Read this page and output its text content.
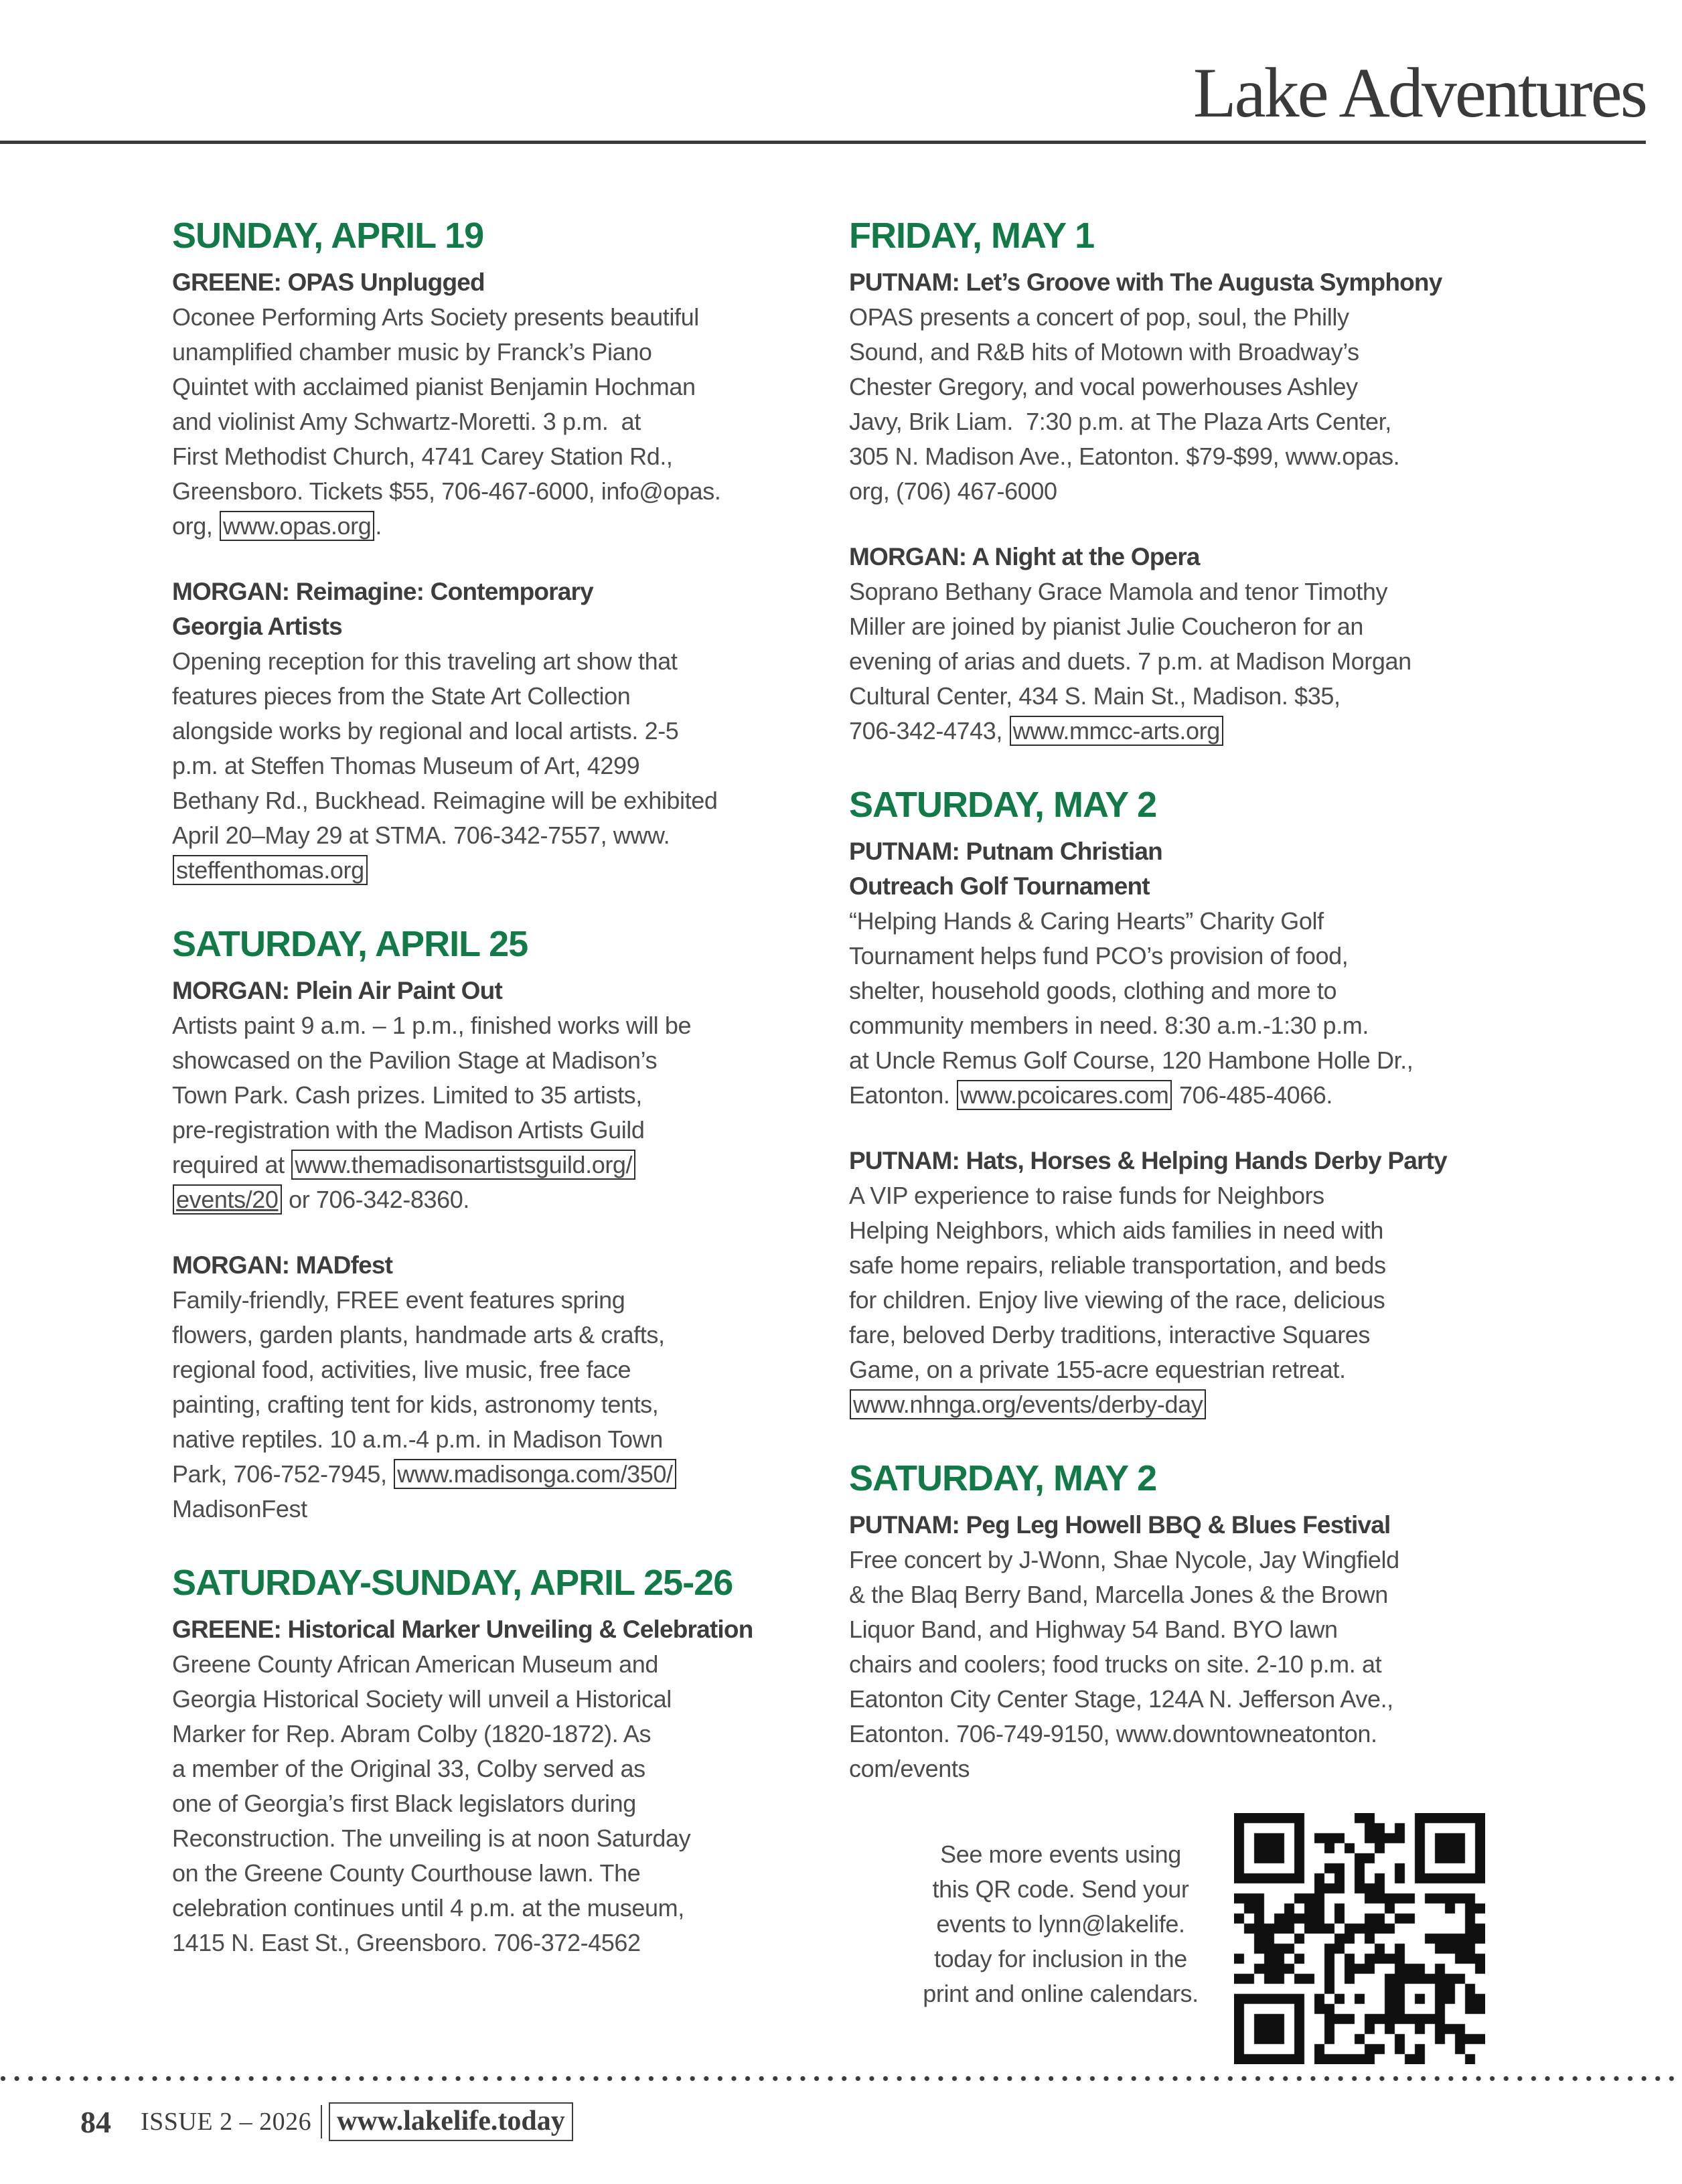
Lake Adventures
SUNDAY, APRIL 19
GREENE: OPAS Unplugged
Oconee Performing Arts Society presents beautiful
unamplified chamber music by Franck’s Piano
Quintet with acclaimed pianist Benjamin Hochman
and violinist Amy Schwartz-Moretti. 3 p.m.  at
First Methodist Church, 4741 Carey Station Rd.,
Greensboro. Tickets $55, 706-467-6000, info@opas.
org, www.opas.org .
MORGAN: Reimagine: Contemporary
Georgia Artists
Opening reception for this traveling art show that
features pieces from the State Art Collection
alongside works by regional and local artists. 2-5
p.m. at Steffen Thomas Museum of Art, 4299
Bethany Rd., Buckhead. Reimagine will be exhibited
April 20–May 29 at STMA. 706-342-7557, www.
steffenthomas.org
SATURDAY, APRIL 25
MORGAN: Plein Air Paint Out
Artists paint 9 a.m. – 1 p.m., finished works will be
showcased on the Pavilion Stage at Madison’s
Town Park. Cash prizes. Limited to 35 artists,
pre-registration with the Madison Artists Guild
required at www.themadisonartistsguild.org/
events/20 or 706-342-8360.
MORGAN: MADfest
Family-friendly, FREE event features spring
flowers, garden plants, handmade arts & crafts,
regional food, activities, live music, free face
painting, crafting tent for kids, astronomy tents,
native reptiles. 10 a.m.-4 p.m. in Madison Town
Park, 706-752-7945, www.madisonga.com/350/
MadisonFest
SATURDAY-SUNDAY, APRIL 25-26
GREENE: Historical Marker Unveiling & Celebration
Greene County African American Museum and
Georgia Historical Society will unveil a Historical
Marker for Rep. Abram Colby (1820-1872). As
a member of the Original 33, Colby served as
one of Georgia’s first Black legislators during
Reconstruction. The unveiling is at noon Saturday
on the Greene County Courthouse lawn. The
celebration continues until 4 p.m. at the museum,
1415 N. East St., Greensboro. 706-372-4562
FRIDAY, MAY 1
PUTNAM: Let’s Groove with The Augusta Symphony
OPAS presents a concert of pop, soul, the Philly
Sound, and R&B hits of Motown with Broadway’s
Chester Gregory, and vocal powerhouses Ashley
Javy, Brik Liam.  7:30 p.m. at The Plaza Arts Center,
305 N. Madison Ave., Eatonton. $79-$99, www.opas.
org, (706) 467-6000
MORGAN: A Night at the Opera
Soprano Bethany Grace Mamola and tenor Timothy
Miller are joined by pianist Julie Coucheron for an
evening of arias and duets. 7 p.m. at Madison Morgan
Cultural Center, 434 S. Main St., Madison. $35,
706-342-4743, www.mmcc-arts.org
SATURDAY, MAY 2
PUTNAM: Putnam Christian
Outreach Golf Tournament
“Helping Hands & Caring Hearts” Charity Golf
Tournament helps fund PCO’s provision of food,
shelter, household goods, clothing and more to
community members in need. 8:30 a.m.-1:30 p.m.
at Uncle Remus Golf Course, 120 Hambone Holle Dr.,
Eatonton. www.pcoicares.com 706-485-4066.
PUTNAM: Hats, Horses & Helping Hands Derby Party
A VIP experience to raise funds for Neighbors
Helping Neighbors, which aids families in need with
safe home repairs, reliable transportation, and beds
for children. Enjoy live viewing of the race, delicious
fare, beloved Derby traditions, interactive Squares
Game, on a private 155-acre equestrian retreat.
www.nhnga.org/events/derby-day
SATURDAY, MAY 2
PUTNAM: Peg Leg Howell BBQ & Blues Festival
Free concert by J-Wonn, Shae Nycole, Jay Wingfield
& the Blaq Berry Band, Marcella Jones & the Brown
Liquor Band, and Highway 54 Band. BYO lawn
chairs and coolers; food trucks on site. 2-10 p.m. at
Eatonton City Center Stage, 124A N. Jefferson Ave.,
Eatonton. 706-749-9150, www.downtowneatonton.
com/events
See more events using
this QR code. Send your
events to lynn@lakelife.
today for inclusion in the
print and online calendars.
84 ISSUE 2 – 2026 www.lakelife.today
